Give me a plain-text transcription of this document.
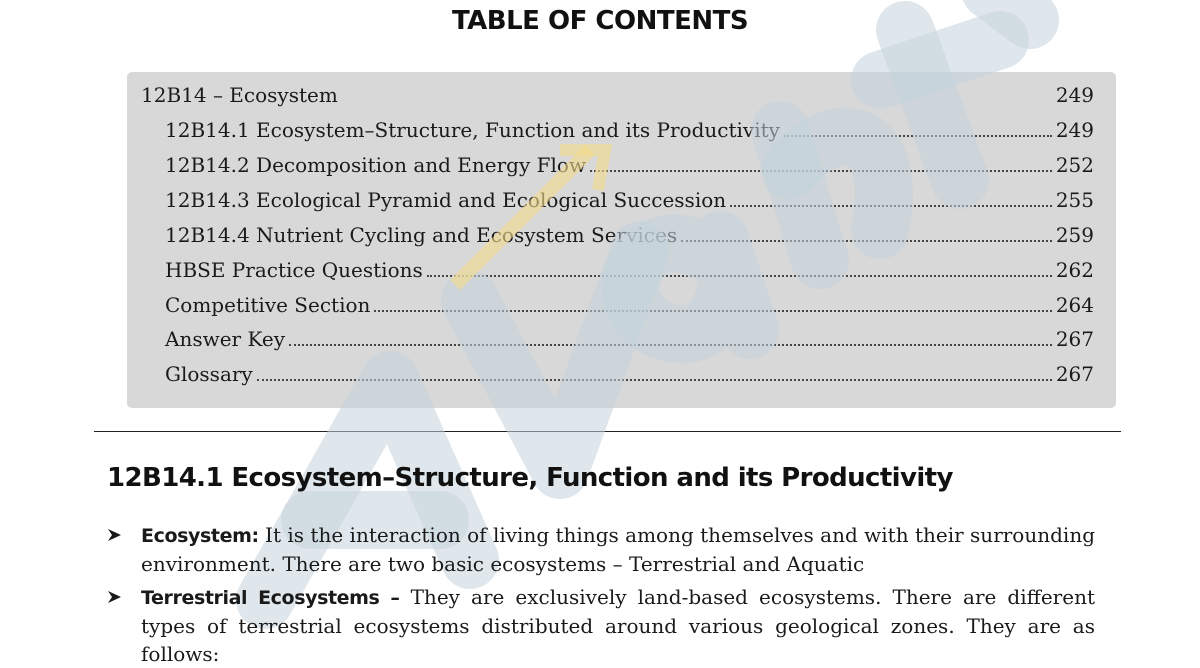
TABLE OF CONTENTS
12B14 – Ecosystem	249
12B14.1 Ecosystem–Structure, Function and its Productivity	249
12B14.2 Decomposition and Energy Flow	252
12B14.3 Ecological Pyramid and Ecological Succession	255
12B14.4 Nutrient Cycling and Ecosystem Services	259
HBSE Practice Questions	262
Competitive Section	264
Answer Key	267
Glossary	267
12B14.1 Ecosystem–Structure, Function and its Productivity
Ecosystem: It is the interaction of living things among themselves and with their surrounding environment. There are two basic ecosystems – Terrestrial and Aquatic
Terrestrial Ecosystems – They are exclusively land-based ecosystems. There are different types of terrestrial ecosystems distributed around various geological zones. They are as follows:
